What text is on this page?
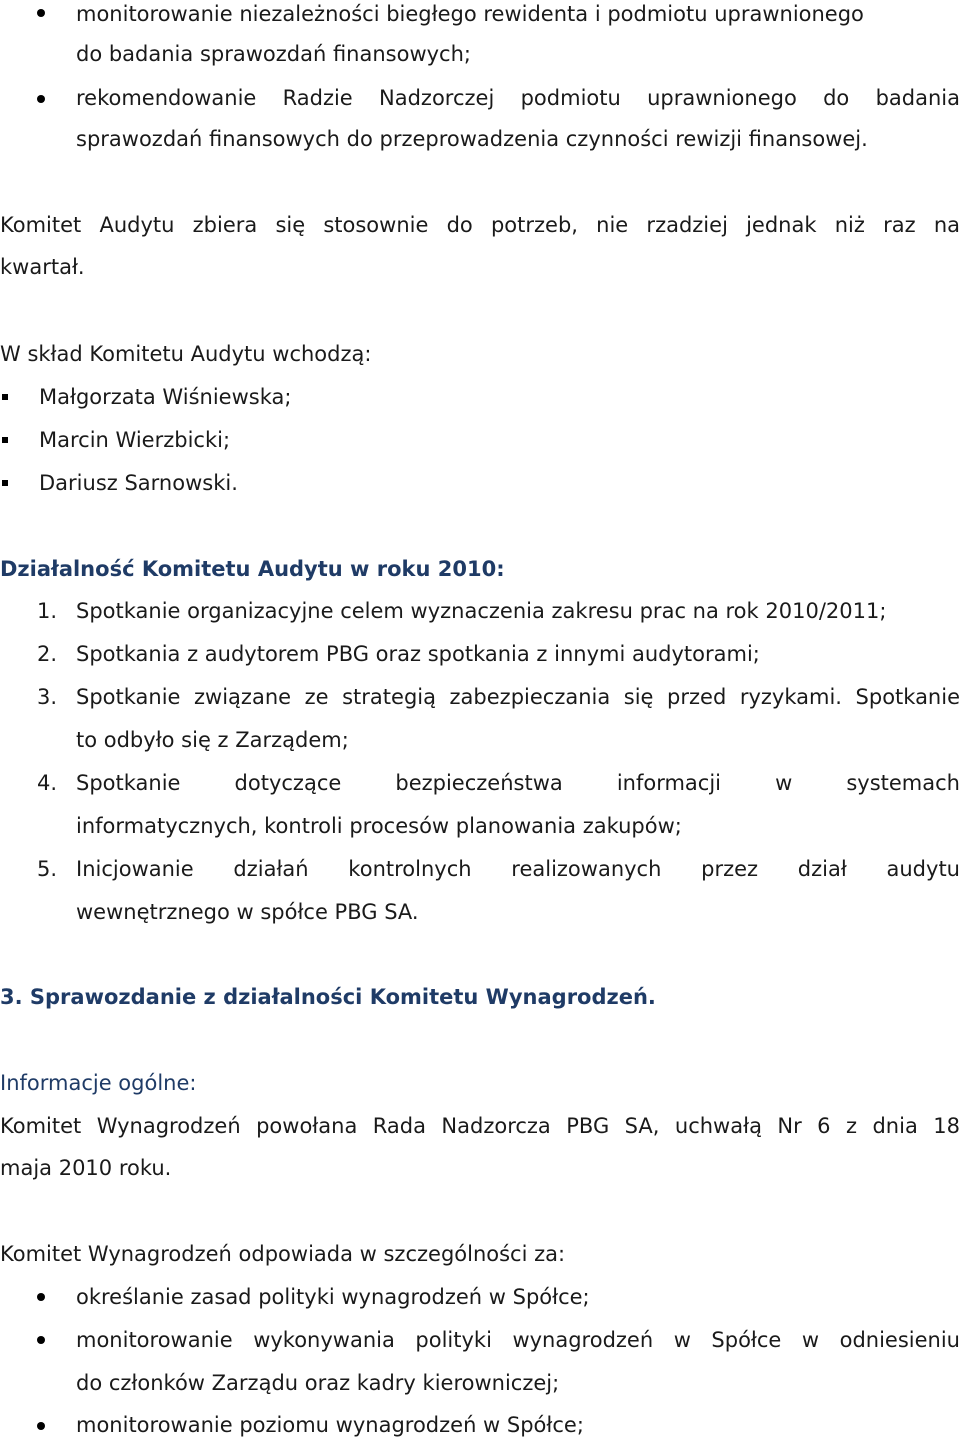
monitorowanie niezależności biegłego rewidenta i podmiotu uprawnionego
do badania sprawozdań finansowych;
rekomendowanie Radzie Nadzorczej podmiotu uprawnionego do badania
sprawozdań finansowych do przeprowadzenia czynności rewizji finansowej.
Komitet Audytu zbiera się stosownie do potrzeb, nie rzadziej jednak niż raz na
kwartał.
W skład Komitetu Audytu wchodzą:
Małgorzata Wiśniewska;
Marcin Wierzbicki;
Dariusz Sarnowski.
Działalność Komitetu Audytu w roku 2010:
1. Spotkanie organizacyjne celem wyznaczenia zakresu prac na rok 2010/2011;
2. Spotkania z audytorem PBG oraz spotkania z innymi audytorami;
3. Spotkanie związane ze strategią zabezpieczania się przed ryzykami. Spotkanie
to odbyło się z Zarządem;
4. Spotkanie dotyczące bezpieczeństwa informacji w systemach
informatycznych, kontroli procesów planowania zakupów;
5. Inicjowanie działań kontrolnych realizowanych przez dział audytu
wewnętrznego w spółce PBG SA.
3. Sprawozdanie z działalności Komitetu Wynagrodzeń.
Informacje ogólne:
Komitet Wynagrodzeń powołana Rada Nadzorcza PBG SA, uchwałą Nr 6 z dnia 18
maja 2010 roku.
Komitet Wynagrodzeń odpowiada w szczególności za:
określanie zasad polityki wynagrodzeń w Spółce;
monitorowanie wykonywania polityki wynagrodzeń w Spółce w odniesieniu
do członków Zarządu oraz kadry kierowniczej;
monitorowanie poziomu wynagrodzeń w Spółce;
